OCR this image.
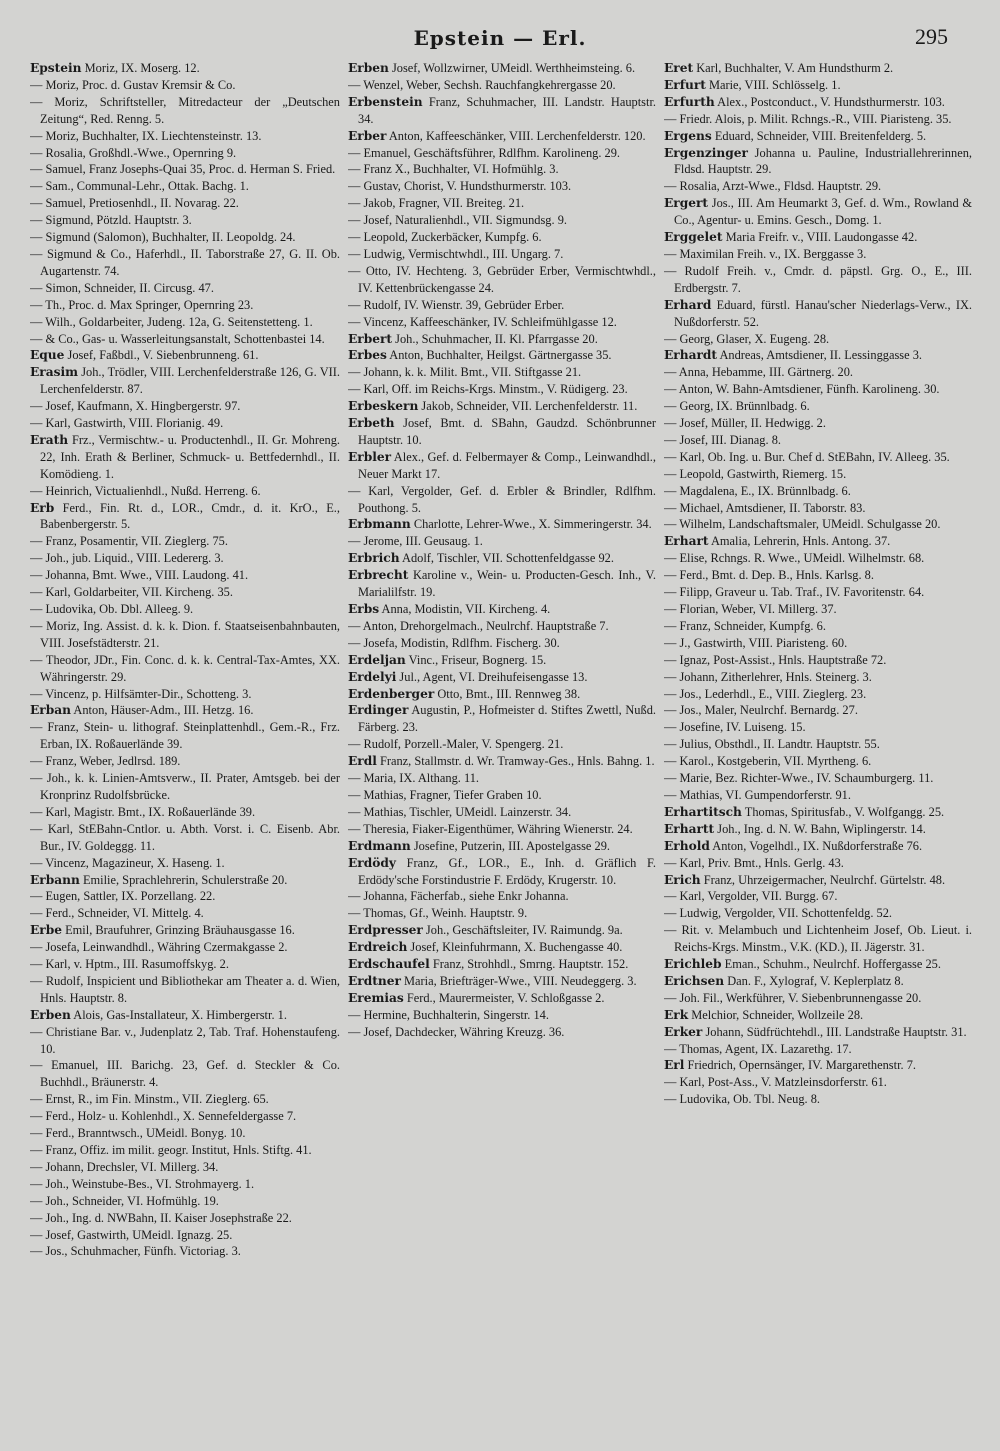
Epstein — Erl.	295

Epstein Moriz, IX. Moserg. 12.

— Moriz, Proc. d. Gustav Kremsir & Co.

— Moriz, Schriftsteller, Mitredacteur der „Deutschen Zeitung“, Red. Renng. 5.

— Moriz, Buchhalter, IX. Liechtensteinstr. 13.

— Rosalia, Großhdl.-Wwe., Opernring 9.

— Samuel, Franz Josephs-Quai 35, Proc. d. Herman S. Fried.

— Sam., Communal-Lehr., Ottak. Bachg. 1.

— Samuel, Pretiosenhdl., II. Novarag. 22.

— Sigmund, Pötzld. Hauptstr. 3.

— Sigmund (Salomon), Buchhalter, II. Leopoldg. 24.

— Sigmund & Co., Haferhdl., II. Taborstraße 27, G. II. Ob. Augartenstr. 74.

— Simon, Schneider, II. Circusg. 47.

— Th., Proc. d. Max Springer, Opernring 23.

— Wilh., Goldarbeiter, Judeng. 12a, G. Seitenstetteng. 1.

— & Co., Gas- u. Wasserleitungsanstalt, Schottenbastei 14.

Eque Josef, Faßbdl., V. Siebenbrunneng. 61.

Erasim Joh., Trödler, VIII. Lerchenfelderstraße 126, G. VII. Lerchenfelderstr. 87.

— Josef, Kaufmann, X. Hingbergerstr. 97.

— Karl, Gastwirth, VIII. Florianig. 49.

Erath Frz., Vermischtw.- u. Productenhdl., II. Gr. Mohreng. 22, Inh. Erath & Berliner, Schmuck- u. Bettfedernhdl., II. Komödieng. 1.

— Heinrich, Victualienhdl., Nußd. Herreng. 6.

Erb Ferd., Fin. Rt. d., LOR., Cmdr., d. it. KrO., E., Babenbergerstr. 5.

— Franz, Posamentir, VII. Zieglerg. 75.

— Joh., jub. Liquid., VIII. Ledererg. 3.

— Johanna, Bmt. Wwe., VIII. Laudong. 41.

— Karl, Goldarbeiter, VII. Kircheng. 35.

— Ludovika, Ob. Dbl. Alleeg. 9.

— Moriz, Ing. Assist. d. k. k. Dion. f. Staatseisenbahnbauten, VIII. Josefstädterstr. 21.

— Theodor, JDr., Fin. Conc. d. k. k. Central-Tax-Amtes, XX. Währingerstr. 29.

— Vincenz, p. Hilfsämter-Dir., Schotteng. 3.

Erban Anton, Häuser-Adm., III. Hetzg. 16.

— Franz, Stein- u. lithograf. Steinplattenhdl., Gem.-R., Frz. Erban, IX. Roßauerlände 39.

— Franz, Weber, Jedlrsd. 189.

— Joh., k. k. Linien-Amtsverw., II. Prater, Amtsgeb. bei der Kronprinz Rudolfsbrücke.

— Karl, Magistr. Bmt., IX. Roßauerlände 39.

— Karl, StEBahn-Cntlor. u. Abth. Vorst. i. C. Eisenb. Abr. Bur., IV. Goldeggg. 11.

— Vincenz, Magazineur, X. Haseng. 1.

Erbann Emilie, Sprachlehrerin, Schulerstraße 20.

— Eugen, Sattler, IX. Porzellang. 22.

— Ferd., Schneider, VI. Mittelg. 4.

Erbe Emil, Braufuhrer, Grinzing Bräuhausgasse 16.

— Josefa, Leinwandhdl., Währing Czermakgasse 2.

— Karl, v. Hptm., III. Rasumoffskyg. 2.

— Rudolf, Inspicient und Bibliothekar am Theater a. d. Wien, Hnls. Hauptstr. 8.

Erben Alois, Gas-Installateur, X. Himbergerstr. 1.

— Christiane Bar. v., Judenplatz 2, Tab. Traf. Hohenstaufeng. 10.

— Emanuel, III. Barichg. 23, Gef. d. Steckler & Co. Buchhdl., Bräunerstr. 4.

— Ernst, R., im Fin. Minstm., VII. Zieglerg. 65.

— Ferd., Holz- u. Kohlenhdl., X. Sennefeldergasse 7.

— Ferd., Branntwsch., UMeidl. Bonyg. 10.

— Franz, Offiz. im milit. geogr. Institut, Hnls. Stiftg. 41.

— Johann, Drechsler, VI. Millerg. 34.

— Joh., Weinstube-Bes., VI. Strohmayerg. 1.

— Joh., Schneider, VI. Hofmühlg. 19.

— Joh., Ing. d. NWBahn, II. Kaiser Josephstraße 22.

— Josef, Gastwirth, UMeidl. Ignazg. 25.

— Jos., Schuhmacher, Fünfh. Victoriag. 3.

Erben Josef, Wollzwirner, UMeidl. Werthheimsteing. 6.

— Wenzel, Weber, Sechsh. Rauchfangkehrergasse 20.

Erbenstein Franz, Schuhmacher, III. Landstr. Hauptstr. 34.

Erber Anton, Kaffeeschänker, VIII. Lerchenfelderstr. 120.

— Emanuel, Geschäftsführer, Rdlfhm. Karolineng. 29.

— Franz X., Buchhalter, VI. Hofmühlg. 3.

— Gustav, Chorist, V. Hundsthurmerstr. 103.

— Jakob, Fragner, VII. Breiteg. 21.

— Josef, Naturalienhdl., VII. Sigmundsg. 9.

— Leopold, Zuckerbäcker, Kumpfg. 6.

— Ludwig, Vermischtwhdl., III. Ungarg. 7.

— Otto, IV. Hechteng. 3, Gebrüder Erber, Vermischtwhdl., IV. Kettenbrückengasse 24.

— Rudolf, IV. Wienstr. 39, Gebrüder Erber.

— Vincenz, Kaffeeschänker, IV. Schleifmühlgasse 12.

Erbert Joh., Schuhmacher, II. Kl. Pfarrgasse 20.

Erbes Anton, Buchhalter, Heilgst. Gärtnergasse 35.

— Johann, k. k. Milit. Bmt., VII. Stiftgasse 21.

— Karl, Off. im Reichs-Krgs. Minstm., V. Rüdigerg. 23.

Erbeskern Jakob, Schneider, VII. Lerchenfelderstr. 11.

Erbeth Josef, Bmt. d. SBahn, Gaudzd. Schönbrunner Hauptstr. 10.

Erbler Alex., Gef. d. Felbermayer & Comp., Leinwandhdl., Neuer Markt 17.

— Karl, Vergolder, Gef. d. Erbler & Brindler, Rdlfhm. Pouthong. 5.

Erbmann Charlotte, Lehrer-Wwe., X. Simmeringerstr. 34.

— Jerome, III. Geusaug. 1.

Erbrich Adolf, Tischler, VII. Schottenfeldgasse 92.

Erbrecht Karoline v., Wein- u. Producten-Gesch. Inh., V. Marialilfstr. 19.

Erbs Anna, Modistin, VII. Kircheng. 4.

— Anton, Drehorgelmach., Neulrchf. Hauptstraße 7.

— Josefa, Modistin, Rdlfhm. Fischerg. 30.

Erdeljan Vinc., Friseur, Bognerg. 15.

Erdelyi Jul., Agent, VI. Dreihufeisengasse 13.

Erdenberger Otto, Bmt., III. Rennweg 38.

Erdinger Augustin, P., Hofmeister d. Stiftes Zwettl, Nußd. Färberg. 23.

— Rudolf, Porzell.-Maler, V. Spengerg. 21.

Erdl Franz, Stallmstr. d. Wr. Tramway-Ges., Hnls. Bahng. 1.

— Maria, IX. Althang. 11.

— Mathias, Fragner, Tiefer Graben 10.

— Mathias, Tischler, UMeidl. Lainzerstr. 34.

— Theresia, Fiaker-Eigenthümer, Währing Wienerstr. 24.

Erdmann Josefine, Putzerin, III. Apostelgasse 29.

Erdödy Franz, Gf., LOR., E., Inh. d. Gräflich F. Erdödy'sche Forstindustrie F. Erdödy, Krugerstr. 10.

— Johanna, Fächerfab., siehe Enkr Johanna.

— Thomas, Gf., Weinh. Hauptstr. 9.

Erdpresser Joh., Geschäftsleiter, IV. Raimundg. 9a.

Erdreich Josef, Kleinfuhrmann, X. Buchengasse 40.

Erdschaufel Franz, Strohhdl., Smrng. Hauptstr. 152.

Erdtner Maria, Briefträger-Wwe., VIII. Neudeggerg. 3.

Eremias Ferd., Maurermeister, V. Schloßgasse 2.

— Hermine, Buchhalterin, Singerstr. 14.

— Josef, Dachdecker, Währing Kreuzg. 36.

Eret Karl, Buchhalter, V. Am Hundsthurm 2.

Erfurt Marie, VIII. Schlösselg. 1.

Erfurth Alex., Postconduct., V. Hundsthurmerstr. 103.

— Friedr. Alois, p. Milit. Rchngs.-R., VIII. Piaristeng. 35.

Ergens Eduard, Schneider, VIII. Breitenfelderg. 5.

Ergenzinger Johanna u. Pauline, Industriallehrerinnen, Fldsd. Hauptstr. 29.

— Rosalia, Arzt-Wwe., Fldsd. Hauptstr. 29.

Ergert Jos., III. Am Heumarkt 3, Gef. d. Wm., Rowland & Co., Agentur- u. Emins. Gesch., Domg. 1.

Erggelet Maria Freifr. v., VIII. Laudongasse 42.

— Maximilan Freih. v., IX. Berggasse 3.

— Rudolf Freih. v., Cmdr. d. päpstl. Grg. O., E., III. Erdbergstr. 7.

Erhard Eduard, fürstl. Hanau'scher Niederlags-Verw., IX. Nußdorferstr. 52.

— Georg, Glaser, X. Eugeng. 28.

Erhardt Andreas, Amtsdiener, II. Lessinggasse 3.

— Anna, Hebamme, III. Gärtnerg. 20.

— Anton, W. Bahn-Amtsdiener, Fünfh. Karolineng. 30.

— Georg, IX. Brünnlbadg. 6.

— Josef, Müller, II. Hedwigg. 2.

— Josef, III. Dianag. 8.

— Karl, Ob. Ing. u. Bur. Chef d. StEBahn, IV. Alleeg. 35.

— Leopold, Gastwirth, Riemerg. 15.

— Magdalena, E., IX. Brünnlbadg. 6.

— Michael, Amtsdiener, II. Taborstr. 83.

— Wilhelm, Landschaftsmaler, UMeidl. Schulgasse 20.

Erhart Amalia, Lehrerin, Hnls. Antong. 37.

— Elise, Rchngs. R. Wwe., UMeidl. Wilhelmstr. 68.

— Ferd., Bmt. d. Dep. B., Hnls. Karlsg. 8.

— Filipp, Graveur u. Tab. Traf., IV. Favoritenstr. 64.

— Florian, Weber, VI. Millerg. 37.

— Franz, Schneider, Kumpfg. 6.

— J., Gastwirth, VIII. Piaristeng. 60.

— Ignaz, Post-Assist., Hnls. Hauptstraße 72.

— Johann, Zitherlehrer, Hnls. Steinerg. 3.

— Jos., Lederhdl., E., VIII. Zieglerg. 23.

— Jos., Maler, Neulrchf. Bernardg. 27.

— Josefine, IV. Luiseng. 15.

— Julius, Obsthdl., II. Landtr. Hauptstr. 55.

— Karol., Kostgeberin, VII. Myrtheng. 6.

— Marie, Bez. Richter-Wwe., IV. Schaumburgerg. 11.

— Mathias, VI. Gumpendorferstr. 91.

Erhartitsch Thomas, Spiritusfab., V. Wolfgangg. 25.

Erhartt Joh., Ing. d. N. W. Bahn, Wiplingerstr. 14.

Erhold Anton, Vogelhdl., IX. Nußdorferstraße 76.

— Karl, Priv. Bmt., Hnls. Gerlg. 43.

Erich Franz, Uhrzeigermacher, Neulrchf. Gürtelstr. 48.

— Karl, Vergolder, VII. Burgg. 67.

— Ludwig, Vergolder, VII. Schottenfeldg. 52.

— Rit. v. Melambuch und Lichtenheim Josef, Ob. Lieut. i. Reichs-Krgs. Minstm., V.K. (KD.), II. Jägerstr. 31.

Erichleb Eman., Schuhm., Neulrchf. Hoffergasse 25.

Erichsen Dan. F., Xylograf, V. Keplerplatz 8.

— Joh. Fil., Werkführer, V. Siebenbrunnengasse 20.

Erk Melchior, Schneider, Wollzeile 28.

Erker Johann, Südfrüchtehdl., III. Landstraße Hauptstr. 31.

— Thomas, Agent, IX. Lazarethg. 17.

Erl Friedrich, Opernsänger, IV. Margarethenstr. 7.

— Karl, Post-Ass., V. Matzleinsdorferstr. 61.

— Ludovika, Ob. Tbl. Neug. 8.
